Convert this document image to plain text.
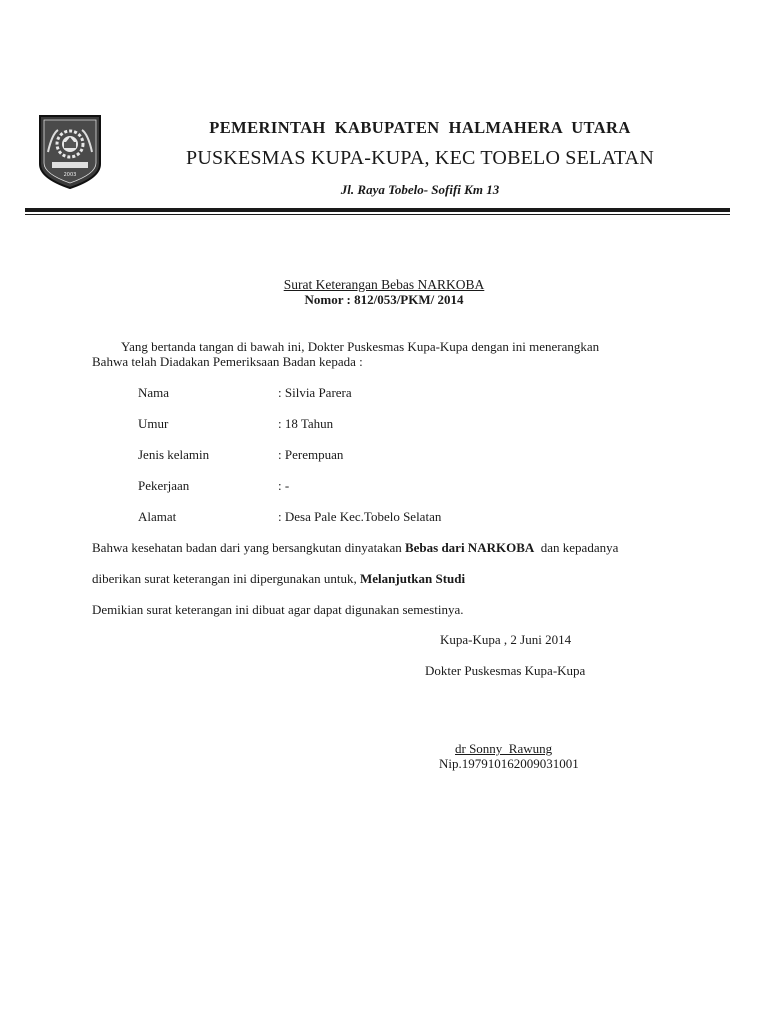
2003
PEMERINTAH  KABUPATEN  HALMAHERA  UTARA
PUSKESMAS KUPA-KUPA, KEC TOBELO SELATAN
Jl. Raya Tobelo- Sofifi Km 13
Surat Keterangan Bebas NARKOBA
Nomor : 812/053/PKM/ 2014
Yang bertanda tangan di bawah ini, Dokter Puskesmas Kupa-Kupa dengan ini menerangkan
Bahwa telah Diadakan Pemeriksaan Badan kepada :
Nama	: Silvia Parera
Umur	: 18 Tahun
Jenis kelamin	: Perempuan
Pekerjaan	: -
Alamat	: Desa Pale Kec.Tobelo Selatan
Bahwa kesehatan badan dari yang bersangkutan dinyatakan Bebas dari NARKOBA  dan kepadanya
diberikan surat keterangan ini dipergunakan untuk, Melanjutkan Studi
Demikian surat keterangan ini dibuat agar dapat digunakan semestinya.
Kupa-Kupa , 2 Juni 2014
Dokter Puskesmas Kupa-Kupa
dr Sonny  Rawung
Nip.197910162009031001
